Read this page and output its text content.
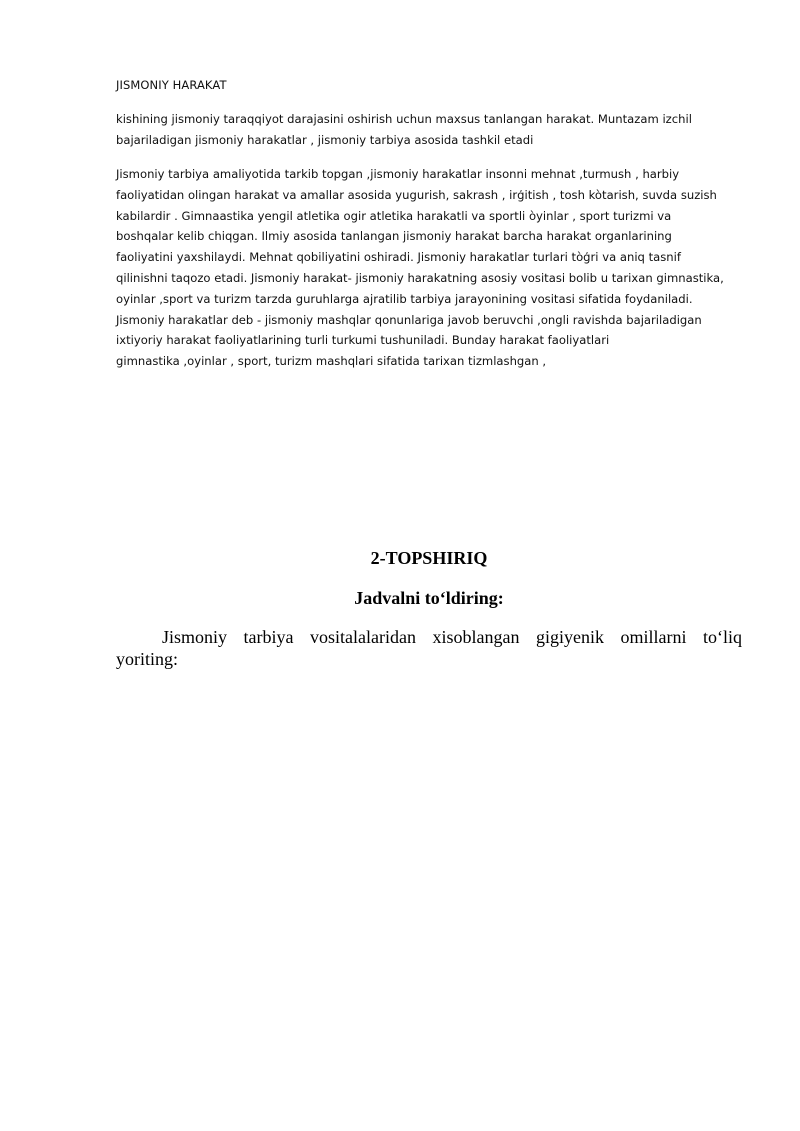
JISMONIY HARAKAT
kishining jismoniy taraqqiyot darajasini oshirish uchun maxsus tanlangan harakat. Muntazam izchil
bajariladigan jismoniy harakatlar , jismoniy tarbiya asosida tashkil etadi
Jismoniy tarbiya amaliyotida tarkib topgan ,jismoniy harakatlar insonni mehnat ,turmush , harbiy
faoliyatidan olingan harakat va amallar asosida yugurish, sakrash , irģitish , tosh kòtarish, suvda suzish
kabilardir . Gimnaastika yengil atletika ogir atletika harakatli va sportli òyinlar , sport turizmi va
boshqalar kelib chiqgan. Ilmiy asosida tanlangan jismoniy harakat barcha harakat organlarining
faoliyatini yaxshilaydi. Mehnat qobiliyatini oshiradi. Jismoniy harakatlar turlari tòģri va aniq tasnif
qilinishni taqozo etadi. Jismoniy harakat- jismoniy harakatning asosiy vositasi bolib u tarixan gimnastika,
oyinlar ,sport va turizm tarzda guruhlarga ajratilib tarbiya jarayonining vositasi sifatida foydaniladi.
Jismoniy harakatlar deb - jismoniy mashqlar qonunlariga javob beruvchi ,ongli ravishda bajariladigan
ixtiyoriy harakat faoliyatlarining turli turkumi tushuniladi. Bunday harakat faoliyatlari
gimnastika ,oyinlar , sport, turizm mashqlari sifatida tarixan tizmlashgan ,
2-TOPSHIRIQ
Jadvalni to‘ldiring:
Jismoniy tarbiya vositalalaridan xisoblangan gigiyenik omillarni to‘liq
yoriting:
